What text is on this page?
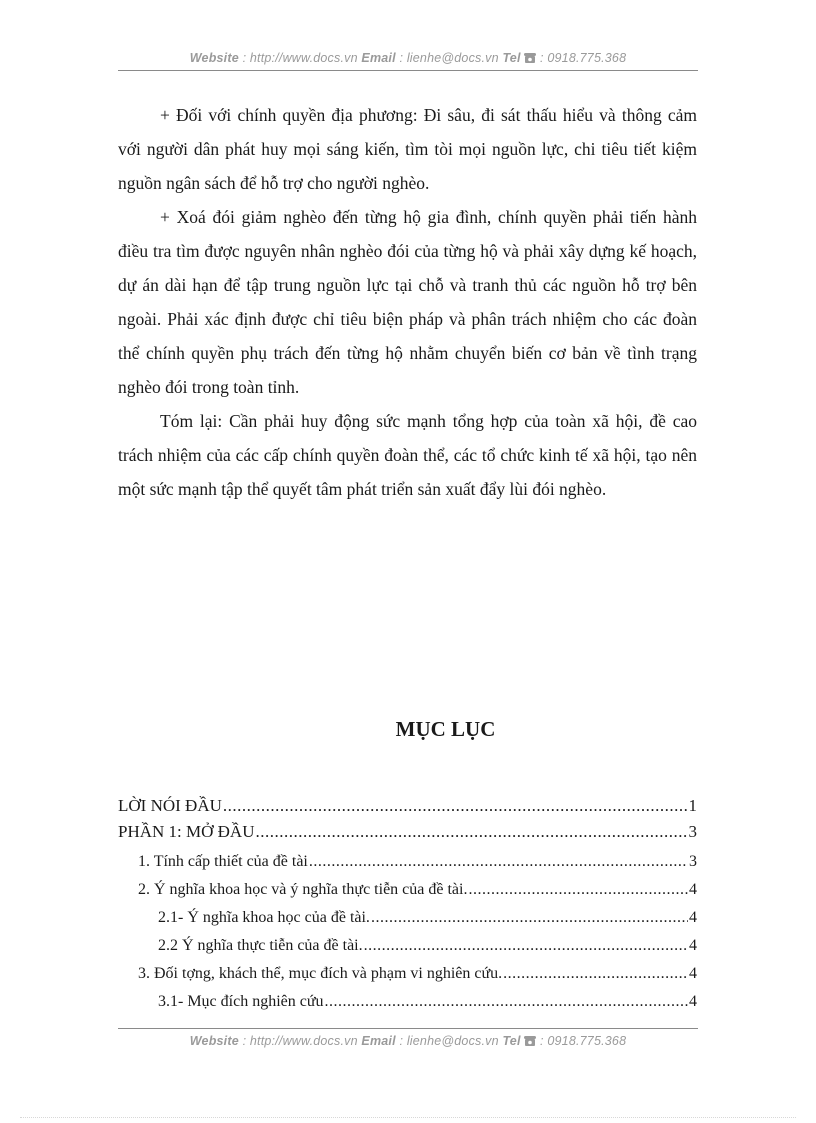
Website : http://www.docs.vn Email : lienhe@docs.vn Tel : 0918.775.368

+ Đối với chính quyền địa phương: Đi sâu, đi sát thấu hiểu và thông cảm với người dân phát huy mọi sáng kiến, tìm tòi mọi nguồn lực, chi tiêu tiết kiệm nguồn ngân sách để hỗ trợ cho người nghèo.

+ Xoá đói giảm nghèo đến từng hộ gia đình, chính quyền phải tiến hành điều tra tìm được nguyên nhân nghèo đói của từng hộ và phải xây dựng kế hoạch, dự án dài hạn để tập trung nguồn lực tại chỗ và tranh thủ các nguồn hỗ trợ bên ngoài. Phải xác định được chỉ tiêu biện pháp và phân trách nhiệm cho các đoàn thể chính quyền phụ trách đến từng hộ nhằm chuyển biến cơ bản về tình trạng nghèo đói trong toàn tỉnh.

Tóm lại: Cần phải huy động sức mạnh tổng hợp của toàn xã hội, đề cao trách nhiệm của các cấp chính quyền đoàn thể, các tổ chức kinh tế xã hội, tạo nên một sức mạnh tập thể quyết tâm phát triển sản xuất đẩy lùi đói nghèo.

MỤC LỤC
LỜI NÓI ĐẦU .....	1
PHẦN 1: MỞ ĐẦU .....	3
1. Tính cấp thiết của đề tài .....	3
2. Ý nghĩa khoa học và ý nghĩa thực tiễn của đề tài. .....	4
2.1- Ý nghĩa khoa học của đề tài. .....	4
2.2 Ý nghĩa thực tiễn của đề tài. .....	4
3. Đối tợng, khách thể, mục đích và phạm vi nghiên cứu. .....	4
3.1- Mục đích nghiên cứu .....	4
Website : http://www.docs.vn Email : lienhe@docs.vn Tel : 0918.775.368
